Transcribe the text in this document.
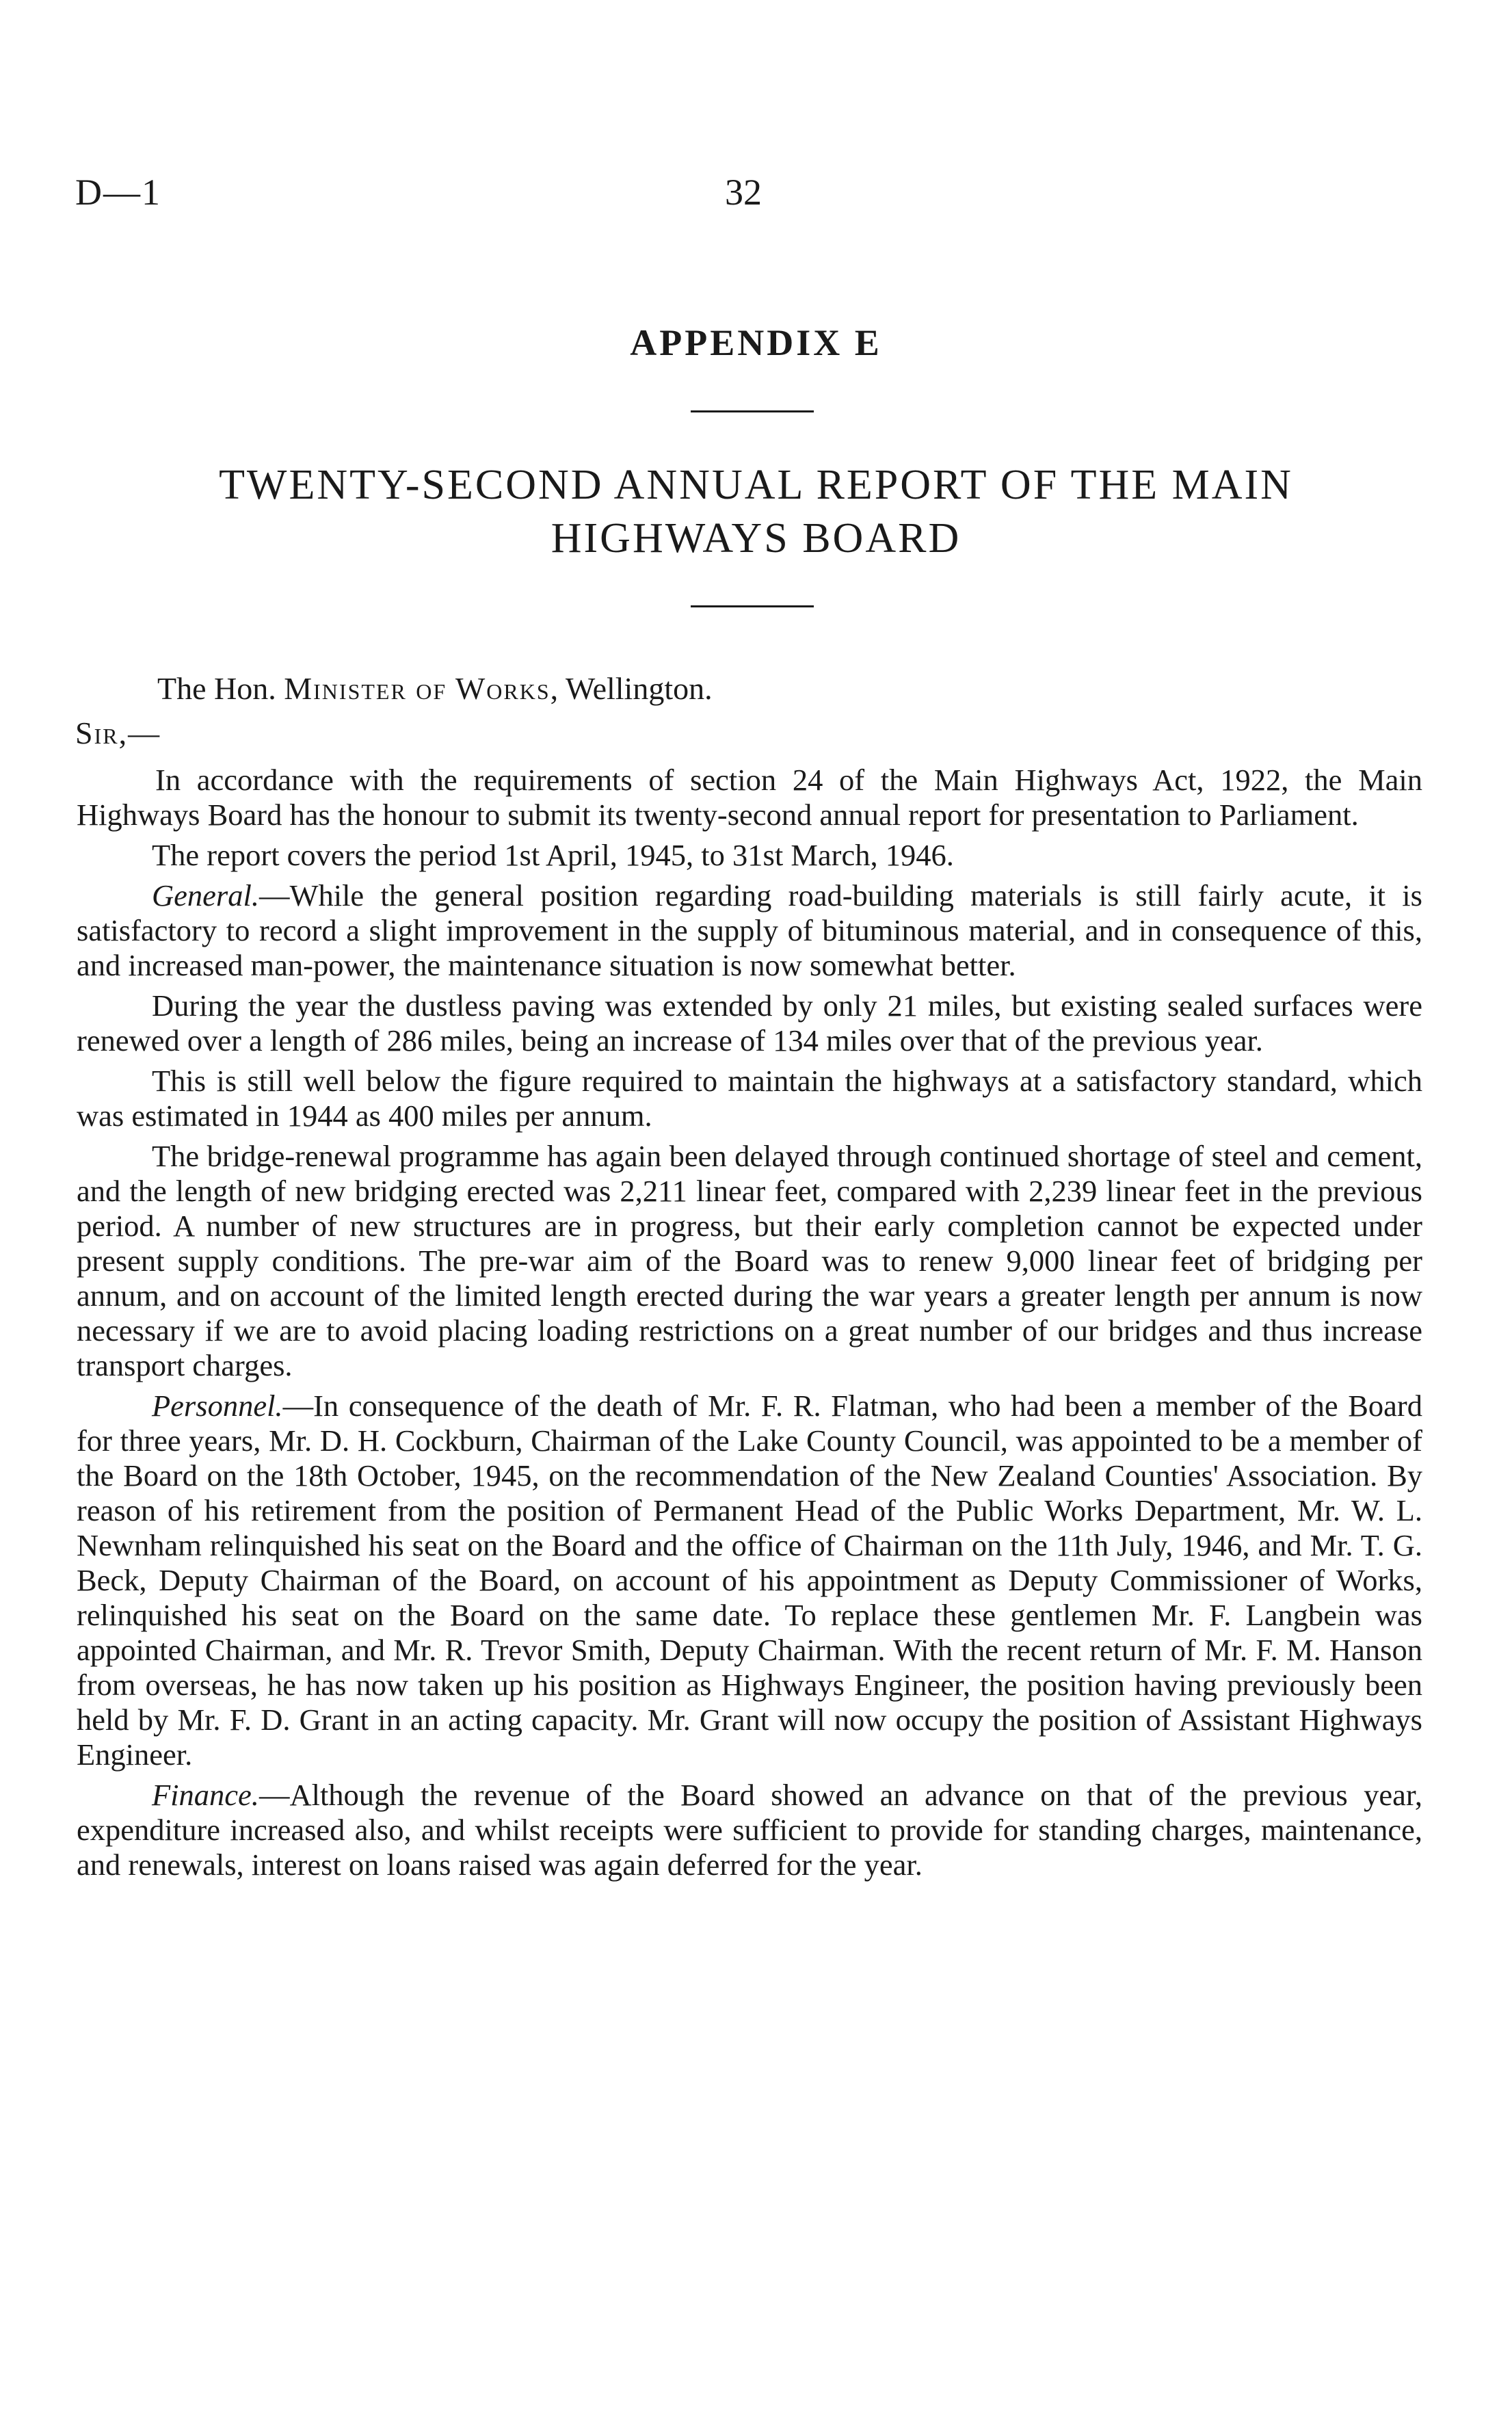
D—1	32
APPENDIX E
TWENTY-SECOND ANNUAL REPORT OF THE MAIN
HIGHWAYS BOARD
The Hon. Minister of Works, Wellington.
Sir,—

In accordance with the requirements of section 24 of the Main Highways Act, 1922, the Main Highways Board has the honour to submit its twenty-second annual report for presentation to Parliament.

The report covers the period 1st April, 1945, to 31st March, 1946.

General.—While the general position regarding road-building materials is still fairly acute, it is satisfactory to record a slight improvement in the supply of bituminous material, and in consequence of this, and increased man-power, the maintenance situation is now somewhat better.

During the year the dustless paving was extended by only 21 miles, but existing sealed surfaces were renewed over a length of 286 miles, being an increase of 134 miles over that of the previous year.

This is still well below the figure required to maintain the highways at a satisfactory standard, which was estimated in 1944 as 400 miles per annum.

The bridge-renewal programme has again been delayed through continued shortage of steel and cement, and the length of new bridging erected was 2,211 linear feet, compared with 2,239 linear feet in the previous period. A number of new structures are in progress, but their early completion cannot be expected under present supply conditions. The pre-war aim of the Board was to renew 9,000 linear feet of bridging per annum, and on account of the limited length erected during the war years a greater length per annum is now necessary if we are to avoid placing loading restrictions on a great number of our bridges and thus increase transport charges.

Personnel.—In consequence of the death of Mr. F. R. Flatman, who had been a member of the Board for three years, Mr. D. H. Cockburn, Chairman of the Lake County Council, was appointed to be a member of the Board on the 18th October, 1945, on the recommendation of the New Zealand Counties' Association. By reason of his retirement from the position of Permanent Head of the Public Works Department, Mr. W. L. Newnham relinquished his seat on the Board and the office of Chairman on the 11th July, 1946, and Mr. T. G. Beck, Deputy Chairman of the Board, on account of his appointment as Deputy Commissioner of Works, relinquished his seat on the Board on the same date. To replace these gentlemen Mr. F. Langbein was appointed Chairman, and Mr. R. Trevor Smith, Deputy Chairman. With the recent return of Mr. F. M. Hanson from overseas, he has now taken up his position as Highways Engineer, the position having previously been held by Mr. F. D. Grant in an acting capacity. Mr. Grant will now occupy the position of Assistant Highways Engineer.

Finance.—Although the revenue of the Board showed an advance on that of the previous year, expenditure increased also, and whilst receipts were sufficient to provide for standing charges, maintenance, and renewals, interest on loans raised was again deferred for the year.
